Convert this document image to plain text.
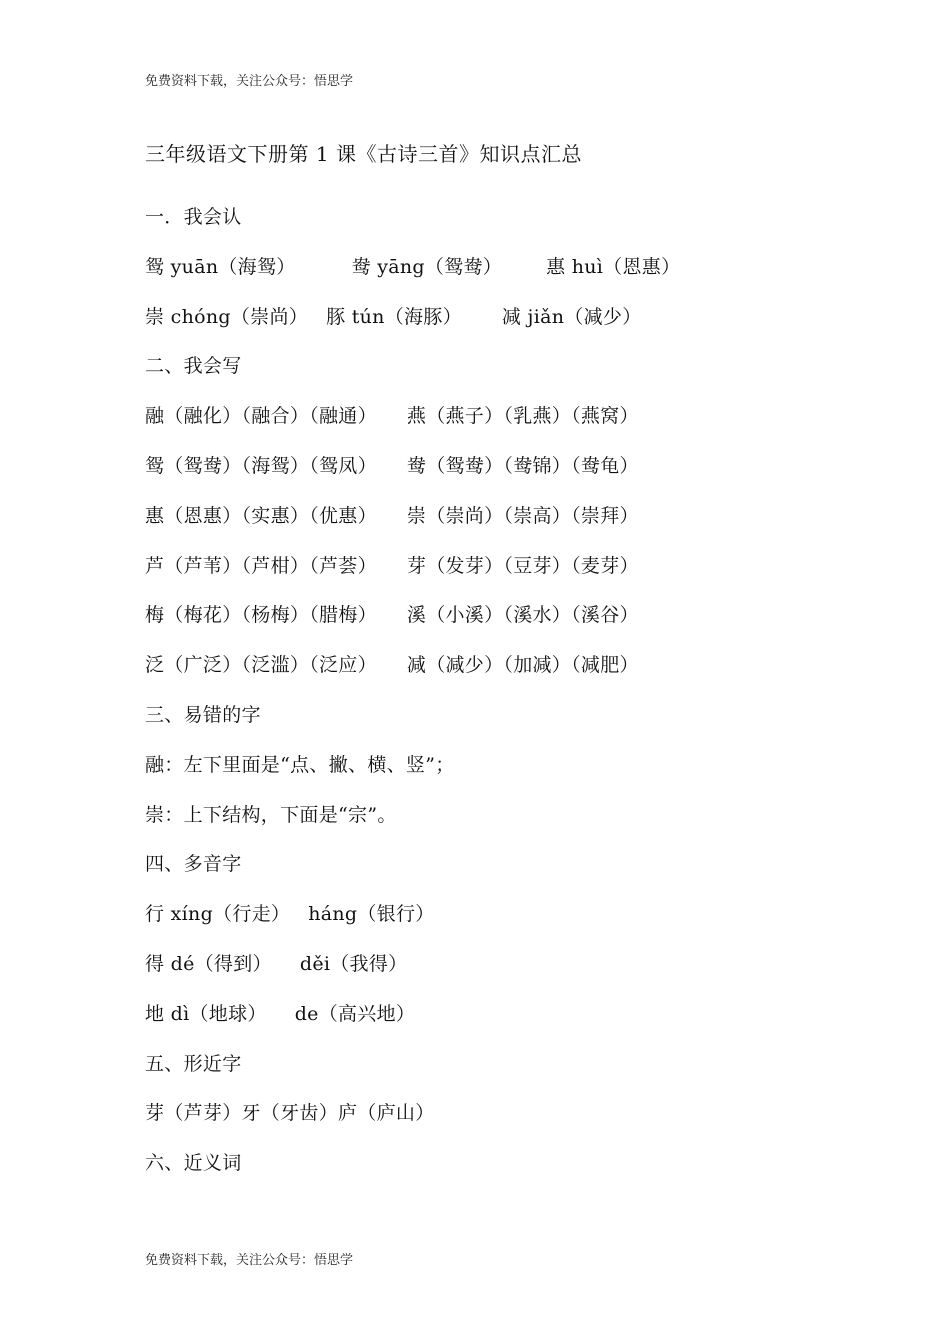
免费资料下载，关注公众号：悟思学
三年级语文下册第 1 课《古诗三首》知识点汇总
一．我会认
鸳 yuān（海鸳）	鸯 yāng（鸳鸯） 惠 huì（恩惠）
崇 chóng（崇尚） 豚 tún（海豚） 减 jiǎn（减少）
二、我会写
融（融化）（融合）（融通） 燕（燕子）（乳燕）（燕窝）
鸳（鸳鸯）（海鸳）（鸳凤） 鸯（鸳鸯）（鸯锦）（鸯龟）
惠（恩惠）（实惠）（优惠） 崇（崇尚）（崇高）（崇拜）
芦（芦苇）（芦柑）（芦荟） 芽（发芽）（豆芽）（麦芽）
梅（梅花）（杨梅）（腊梅） 溪（小溪）（溪水）（溪谷）
泛（广泛）（泛滥）（泛应） 减（减少）（加减）（减肥）
三、易错的字
融：左下里面是“点、撇、横、竖”；
崇：上下结构，下面是“宗”。
四、多音字
行 xíng（行走） háng（银行）
得 dé（得到） děi（我得）
地 dì（地球） de（高兴地）
五、形近字
芽（芦芽）牙（牙齿）庐（庐山）
六、近义词
免费资料下载，关注公众号：悟思学
